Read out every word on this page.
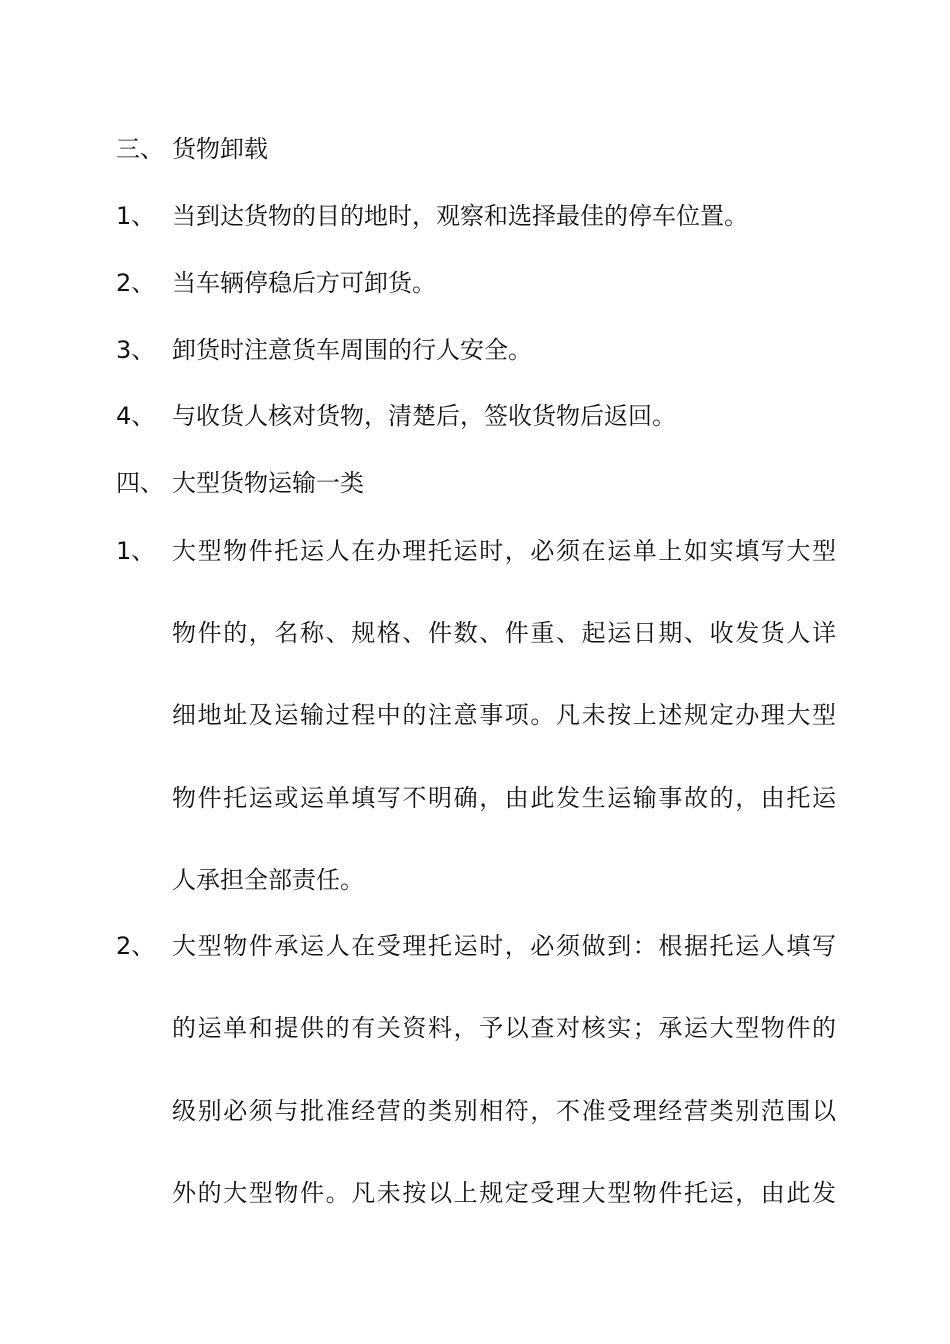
三、 货物卸载
1、 当到达货物的目的地时，观察和选择最佳的停车位置。
2、 当车辆停稳后方可卸货。
3、 卸货时注意货车周围的行人安全。
4、 与收货人核对货物，清楚后，签收货物后返回。
四、 大型货物运输一类
1、 大型物件托运人在办理托运时，必须在运单上如实填写大型
物件的，名称、规格、件数、件重、起运日期、收发货人详
细地址及运输过程中的注意事项。凡未按上述规定办理大型
物件托运或运单填写不明确，由此发生运输事故的，由托运
人承担全部责任。
2、 大型物件承运人在受理托运时，必须做到：根据托运人填写
的运单和提供的有关资料，予以查对核实；承运大型物件的
级别必须与批准经营的类别相符，不准受理经营类别范围以
外的大型物件。凡未按以上规定受理大型物件托运，由此发
